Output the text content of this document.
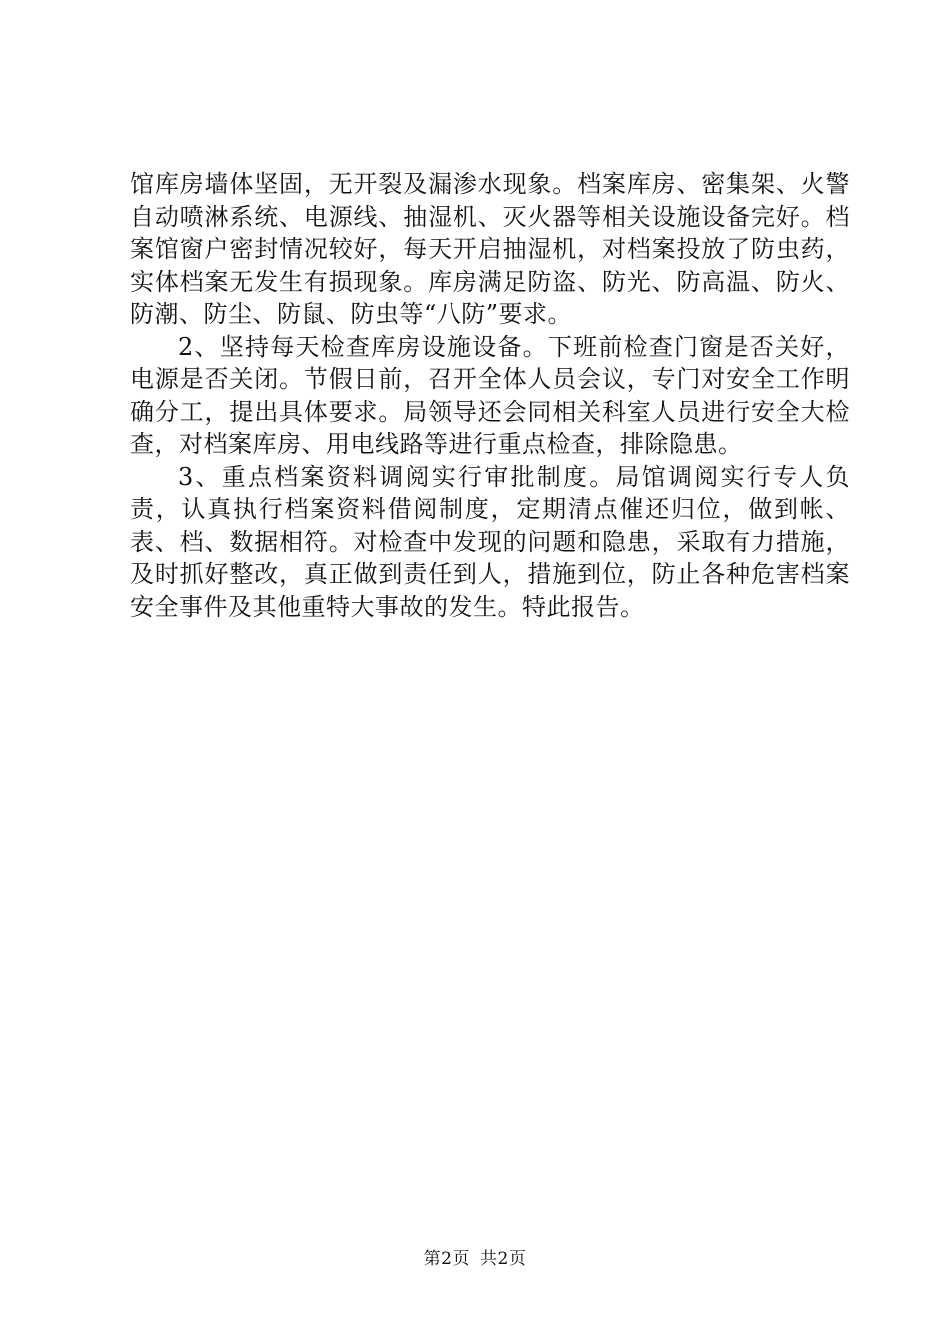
馆库房墙体坚固，无开裂及漏渗水现象。档案库房、密集架、火警自动喷淋系统、电源线、抽湿机、灭火器等相关设施设备完好。档案馆窗户密封情况较好，每天开启抽湿机，对档案投放了防虫药，实体档案无发生有损现象。库房满足防盗、防光、防高温、防火、防潮、防尘、防鼠、防虫等“八防”要求。

2、坚持每天检查库房设施设备。下班前检查门窗是否关好，电源是否关闭。节假日前，召开全体人员会议，专门对安全工作明确分工，提出具体要求。局领导还会同相关科室人员进行安全大检查，对档案库房、用电线路等进行重点检查，排除隐患。

3、重点档案资料调阅实行审批制度。局馆调阅实行专人负责，认真执行档案资料借阅制度，定期清点催还归位，做到帐、表、档、数据相符。对检查中发现的问题和隐患，采取有力措施，及时抓好整改，真正做到责任到人，措施到位，防止各种危害档案安全事件及其他重特大事故的发生。特此报告。

第2页 共2页
